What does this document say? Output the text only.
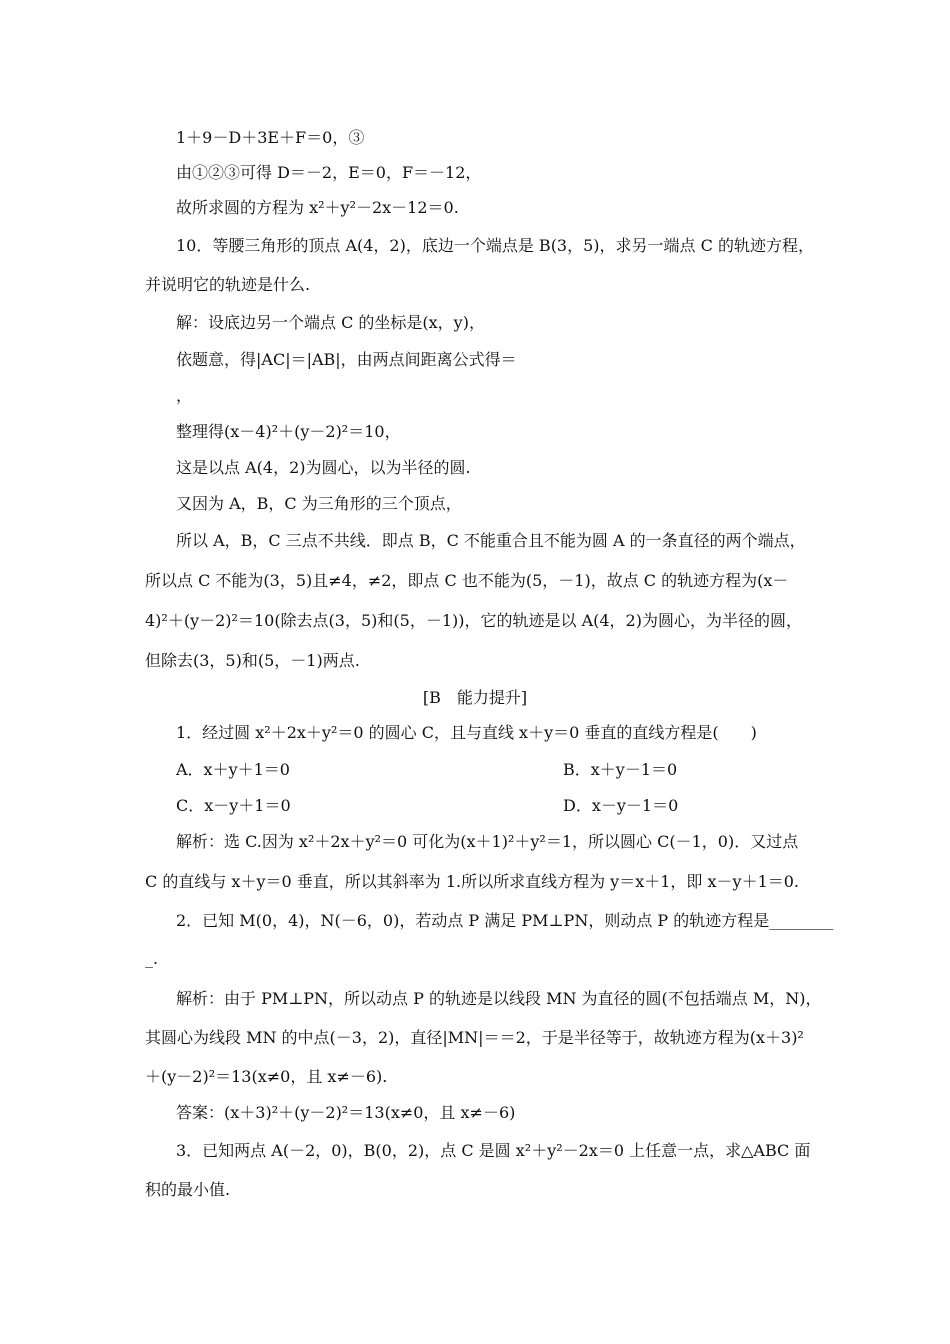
1＋9－D＋3E＋F＝0，③
由①②③可得 D＝－2，E＝0，F＝－12，
故所求圆的方程为 x²＋y²－2x－12＝0.
10．等腰三角形的顶点 A(4，2)，底边一个端点是 B(3，5)，求另一端点 C 的轨迹方程，
并说明它的轨迹是什么.
解：设底边另一个端点 C 的坐标是(x，y)，
依题意，得|AC|＝|AB|，由两点间距离公式得＝
，
整理得(x－4)²＋(y－2)²＝10，
这是以点 A(4，2)为圆心，以为半径的圆.
又因为 A，B，C 为三角形的三个顶点，
所以 A，B，C 三点不共线．即点 B，C 不能重合且不能为圆 A 的一条直径的两个端点，
所以点 C 不能为(3，5)且≠4，≠2，即点 C 也不能为(5，－1)，故点 C 的轨迹方程为(x－
4)²＋(y－2)²＝10(除去点(3，5)和(5，－1))，它的轨迹是以 A(4，2)为圆心，为半径的圆，
但除去(3，5)和(5，－1)两点.
[B　能力提升]
1．经过圆 x²＋2x＋y²＝0 的圆心 C，且与直线 x＋y＝0 垂直的直线方程是(　　)
A．x＋y＋1＝0	B．x＋y－1＝0
C．x－y＋1＝0	D．x－y－1＝0
解析：选 C.因为 x²＋2x＋y²＝0 可化为(x＋1)²＋y²＝1，所以圆心 C(－1，0)．又过点
C 的直线与 x＋y＝0 垂直，所以其斜率为 1.所以所求直线方程为 y＝x＋1，即 x－y＋1＝0.
2．已知 M(0，4)，N(－6，0)，若动点 P 满足 PM⊥PN，则动点 P 的轨迹方程是________
_.
解析：由于 PM⊥PN，所以动点 P 的轨迹是以线段 MN 为直径的圆(不包括端点 M，N)，
其圆心为线段 MN 的中点(－3，2)，直径|MN|＝＝2，于是半径等于，故轨迹方程为(x＋3)²
＋(y－2)²＝13(x≠0，且 x≠－6).
答案：(x＋3)²＋(y－2)²＝13(x≠0，且 x≠－6)
3．已知两点 A(－2，0)，B(0，2)，点 C 是圆 x²＋y²－2x＝0 上任意一点，求△ABC 面
积的最小值.
